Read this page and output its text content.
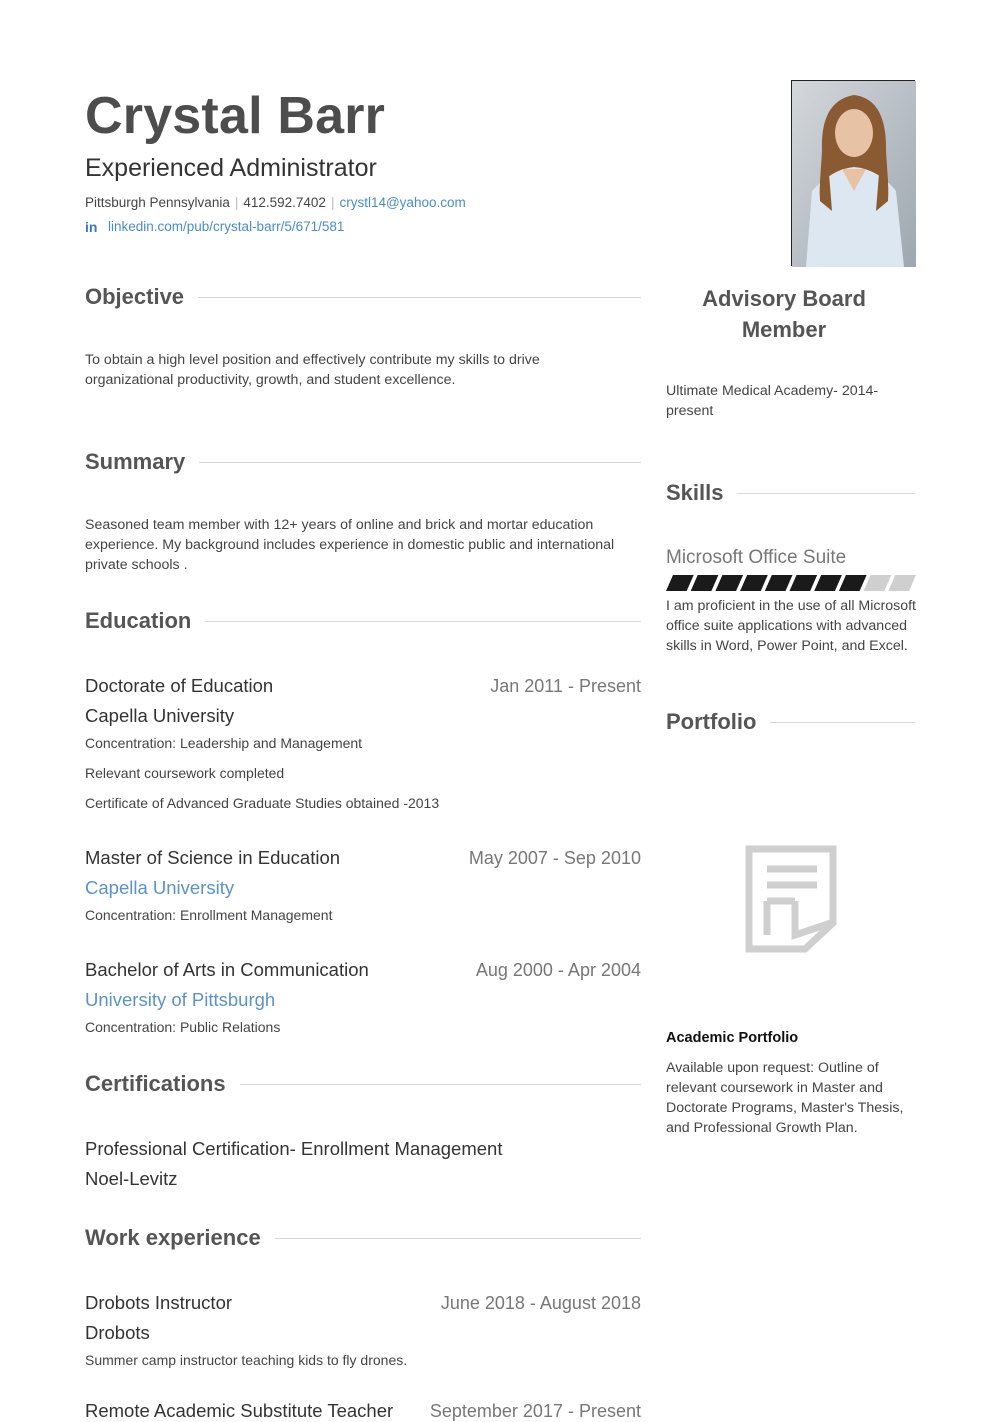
Crystal Barr
Experienced Administrator
Pittsburgh Pennsylvania | 412.592.7402 | crystl14@yahoo.com
in linkedin.com/pub/crystal-barr/5/671/581
Objective
To obtain a high level position and effectively contribute my skills to drive organizational productivity, growth, and student excellence.
Summary
Seasoned team member with 12+ years of online and brick and mortar education experience. My background includes experience in domestic public and international private schools .
Education
Doctorate of Education	Jan 2011 - Present
Capella University
Concentration: Leadership and Management
Relevant coursework completed
Certificate of Advanced Graduate Studies obtained -2013
Master of Science in Education	May 2007 - Sep 2010
Capella University
Concentration: Enrollment Management
Bachelor of Arts in Communication	Aug 2000 - Apr 2004
University of Pittsburgh
Concentration: Public Relations
Certifications
Professional Certification- Enrollment Management
Noel-Levitz
Work experience
Drobots Instructor	June 2018 - August 2018
Drobots
Summer camp instructor teaching kids to fly drones.
Remote Academic Substitute Teacher	September 2017 - Present
Advisory Board Member
Ultimate Medical Academy- 2014-present
Skills
Microsoft Office Suite
I am proficient in the use of all Microsoft office suite applications with advanced skills in Word, Power Point, and Excel.
Portfolio
Academic Portfolio
Available upon request: Outline of relevant coursework in Master and Doctorate Programs, Master's Thesis, and Professional Growth Plan.
